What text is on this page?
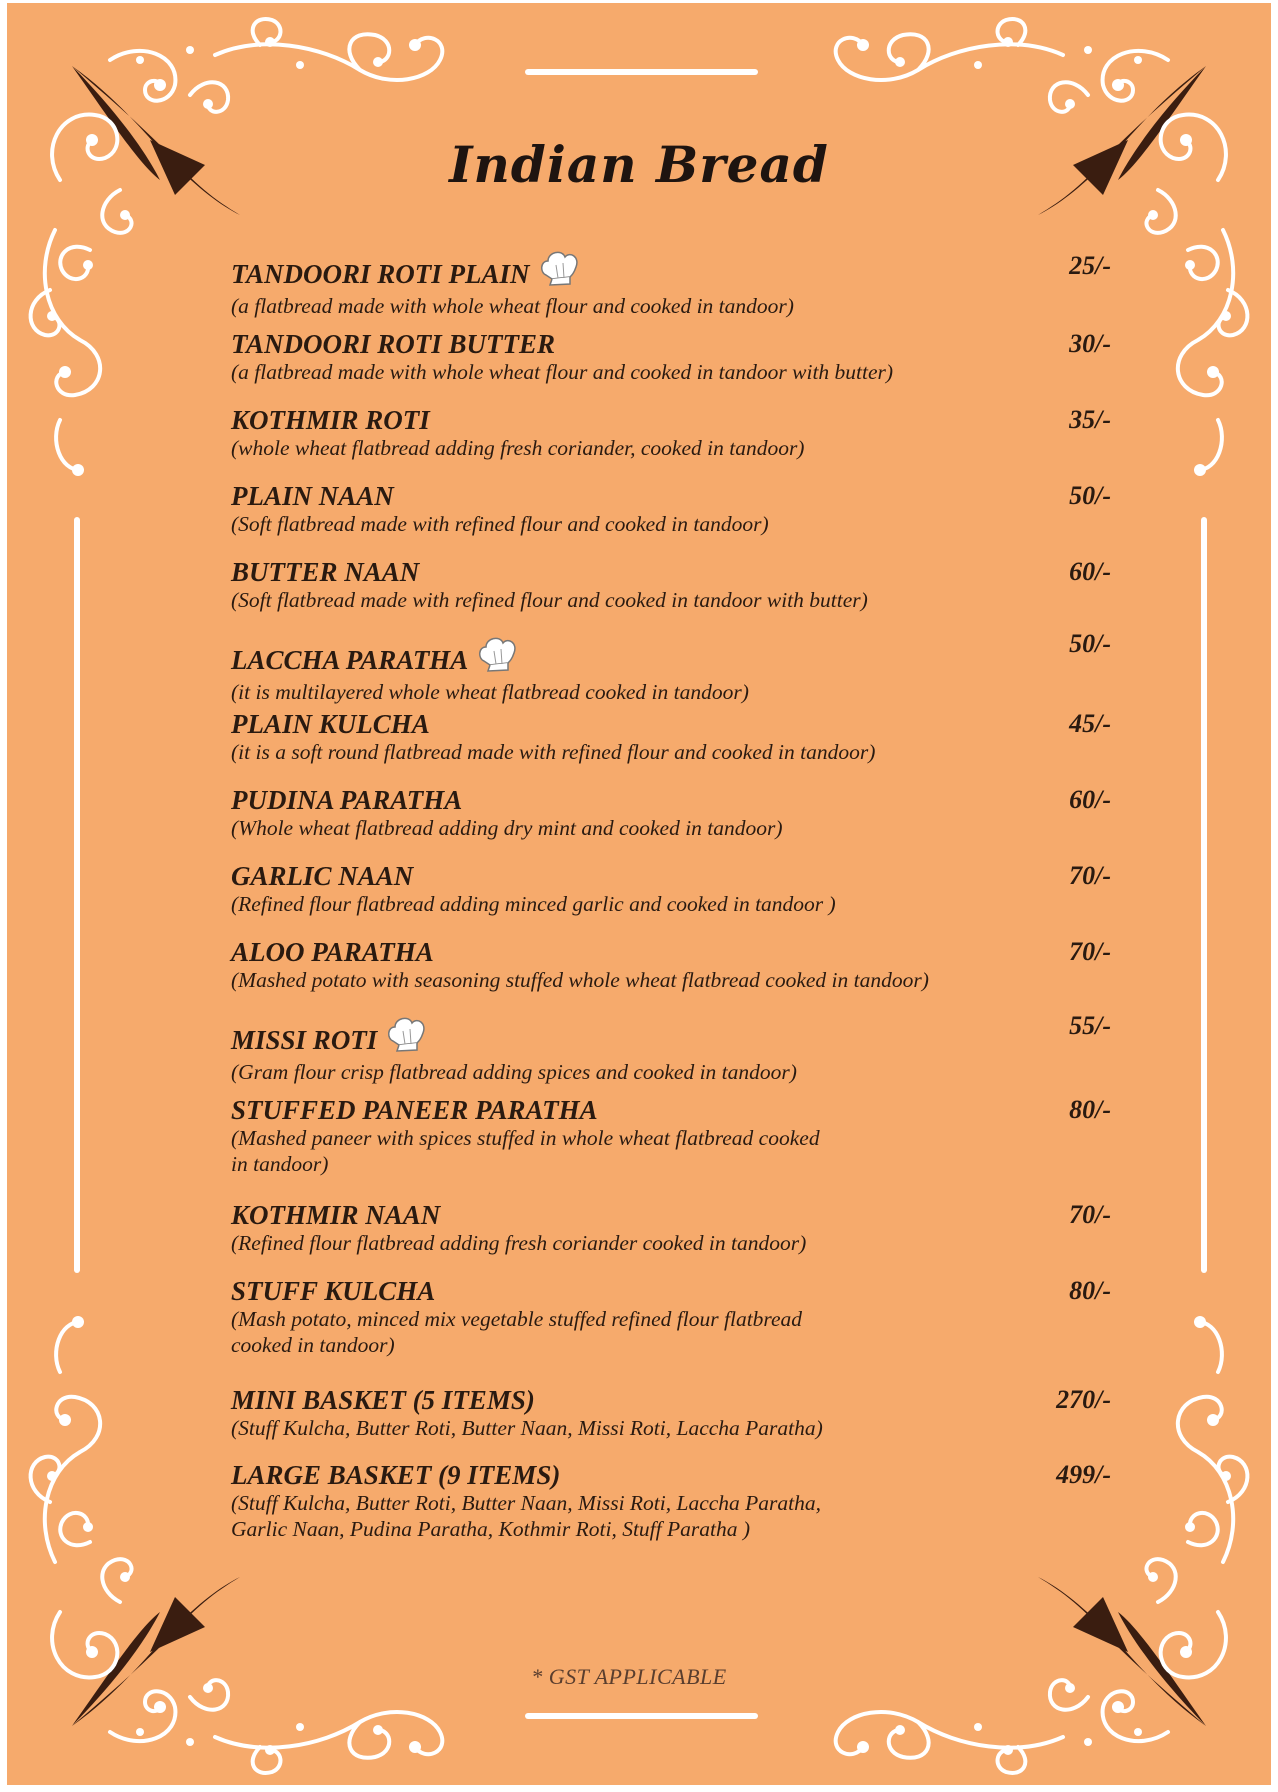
Indian Bread
TANDOORI ROTI PLAIN
(a flatbread made with whole wheat flour and cooked in tandoor)
25/-
TANDOORI ROTI BUTTER
(a flatbread made with whole wheat flour and cooked in tandoor with butter)
30/-
KOTHMIR ROTI
(whole wheat flatbread adding fresh coriander, cooked in tandoor)
35/-
PLAIN NAAN
(Soft flatbread made with refined flour and cooked in tandoor)
50/-
BUTTER NAAN
(Soft flatbread made with refined flour and cooked in tandoor with butter)
60/-
LACCHA PARATHA
(it is multilayered whole wheat flatbread cooked in tandoor)
50/-
PLAIN KULCHA
(it is a soft round flatbread made with refined flour and cooked in tandoor)
45/-
PUDINA PARATHA
(Whole wheat flatbread adding dry mint and cooked in tandoor)
60/-
GARLIC NAAN
(Refined flour flatbread adding minced garlic and cooked in tandoor )
70/-
ALOO PARATHA
(Mashed potato with seasoning stuffed whole wheat flatbread cooked in tandoor)
70/-
MISSI ROTI
(Gram flour crisp flatbread adding spices and cooked in tandoor)
55/-
STUFFED PANEER PARATHA
(Mashed paneer with spices stuffed in whole wheat flatbread cooked in tandoor)
80/-
KOTHMIR NAAN
(Refined flour flatbread adding fresh coriander cooked in tandoor)
70/-
STUFF KULCHA
(Mash potato, minced mix vegetable stuffed refined flour flatbread cooked in tandoor)
80/-
MINI BASKET (5 ITEMS)
(Stuff Kulcha, Butter Roti, Butter Naan, Missi Roti, Laccha Paratha)
270/-
LARGE BASKET (9 ITEMS)
(Stuff Kulcha, Butter Roti, Butter Naan, Missi Roti, Laccha Paratha, Garlic Naan, Pudina Paratha, Kothmir Roti, Stuff Paratha )
499/-
* GST APPLICABLE
